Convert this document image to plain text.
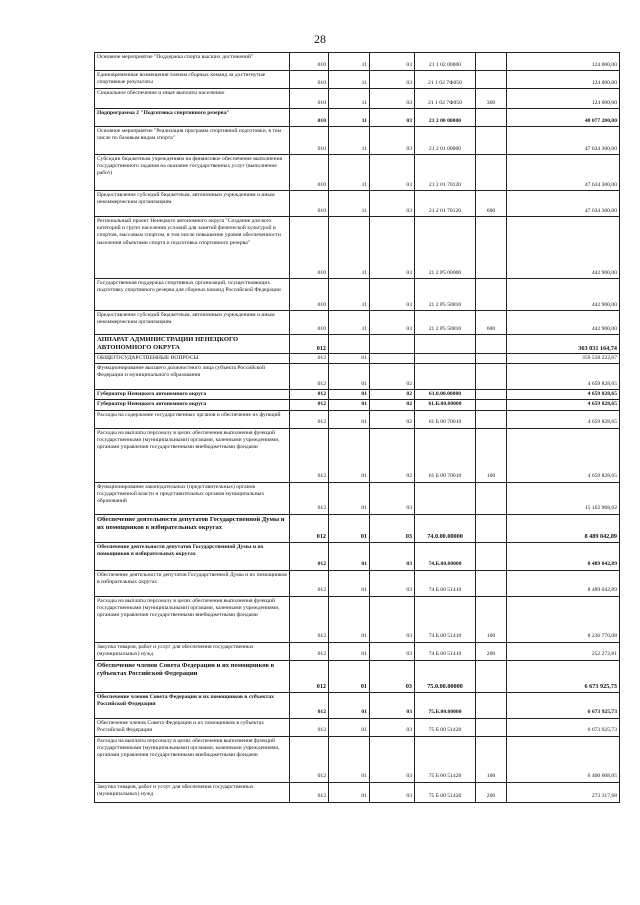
28
Основное мероприятие "Поддержка спорта высших достижений"	010	11	03	21 1 02 00000		124 000,00
Единовременные возмещения членам сборных команд за достигнутые спортивные результаты	010	11	03	21 1 02 7Ф050		124 000,00
Социальное обеспечение и иные выплаты населению	010	11	03	21 1 02 7Ф050	300	124 000,00
Подпрограмма 2 "Подготовка спортивного резерва"	010	11	03	21 2 00 00000		48 077 200,00
Основное мероприятие "Реализация программ спортивной подготовки, в том числе по базовым видам спорта"	010	11	03	21 2 01 00000		47 634 300,00
Субсидии бюджетным учреждениям на финансовое обеспечение выполнения государственного задания на оказание государственных услуг (выполнение работ)	010	11	03	21 2 01 70120		47 634 300,00
Предоставление субсидий бюджетным, автономным учреждениям и иным некоммерческим организациям	010	11	03	21 2 01 70120	600	47 634 300,00
Региональный проект Ненецкого автономного округа "Создание для всех категорий и групп населения условий для занятий физической культурой и спортом, массовым спортом, в том числе повышение уровня обеспеченности населения объектами спорта и подготовка спортивного резерва"	010	11	03	21 2 P5 00000		442 900,00
Государственная поддержка спортивных организаций, осуществляющих подготовку спортивного резерва для сборных команд Российской Федерации	010	11	03	21 2 P5 50810		442 900,00
Предоставление субсидий бюджетным, автономным учреждениям и иным некоммерческим организациям	010	11	03	21 2 P5 50810	600	442 900,00
АППАРАТ АДМИНИСТРАЦИИ НЕНЕЦКОГО АВТОНОМНОГО ОКРУГА	012					363 031 164,74
ОБЩЕГОСУДАРСТВЕННЫЕ ВОПРОСЫ	012	01				359 518 222,67
Функционирование высшего должностного лица субъекта Российской Федерации и муниципального образования	012	01	02			4 659 828,65
Губернатор Ненецкого автономного округа	012	01	02	61.0.00.00000		4 659 828,65
Губернатор Ненецкого автономного округа	012	01	02	61.Б.00.00000		4 659 828,65
Расходы на содержание государственных органов и обеспечение их функций	012	01	02	61 Б 00 70010		4 659 828,65
Расходы на выплаты персоналу в целях обеспечения выполнения функций государственными (муниципальными) органами, казенными учреждениями, органами управления государственными внебюджетными фондами	012	01	02	61 Б 00 70010	100	4 659 828,65
Функционирование законодательных (представительных) органов государственной власти и представительных органов муниципальных образований	012	01	03			15 162 968,62
Обеспечение деятельности депутатов Государственной Думы и их помощников в избирательных округах	012	01	03	74.0.00.00000		8 489 042,89
Обеспечение деятельности депутатов Государственной Думы и их помощников в избирательных округах	012	01	03	74.Б.00.00000		8 489 042,89
Обеспечение деятельности депутатов Государственной Думы и их помощников в избирательных округах	012	01	03	74 Б 00 51410		8 489 042,89
Расходы на выплаты персоналу в целях обеспечения выполнения функций государственными (муниципальными) органами, казенными учреждениями, органами управления государственными внебюджетными фондами	012	01	03	74 Б 00 51410	100	8 236 770,08
Закупка товаров, работ и услуг для обеспечения государственных (муниципальных) нужд	012	01	03	74 Б 00 51410	200	252 272,81
Обеспечение членов Совета Федерации и их помощников в субъектах Российской Федерации	012	01	03	75.0.00.00000		6 673 925,73
Обеспечение членов Совета Федерации и их помощников в субъектах Российской Федерации	012	01	03	75.Б.00.00000		6 673 925,73
Обеспечение членов Совета Федерации и их помощников в субъектах Российской Федерации	012	01	03	75 Б 00 51420		6 673 925,73
Расходы на выплаты персоналу в целях обеспечения выполнения функций государственными (муниципальными) органами, казенными учреждениями, органами управления государственными внебюджетными фондами	012	01	03	75 Б 00 51420	100	6 400 608,05
Закупка товаров, работ и услуг для обеспечения государственных (муниципальных) нужд	012	01	03	75 Б 00 51420	200	273 317,68
